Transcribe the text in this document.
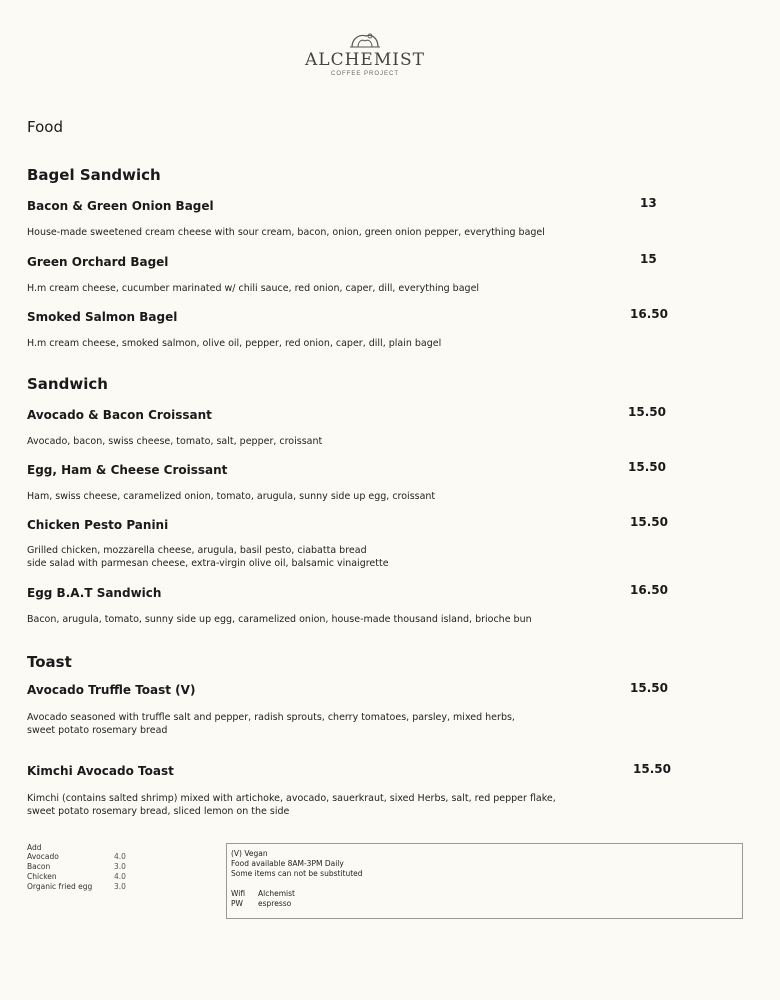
ALCHEMIST
COFFEE PROJECT
Food
Bagel Sandwich
Bacon & Green Onion Bagel	13
House-made sweetened cream cheese with sour cream, bacon, onion, green onion pepper, everything bagel
Green Orchard Bagel	15
H.m cream cheese, cucumber marinated w/ chili sauce, red onion, caper, dill, everything bagel
Smoked Salmon Bagel	16.50
H.m cream cheese, smoked salmon, olive oil, pepper, red onion, caper, dill, plain bagel
Sandwich
Avocado & Bacon Croissant	15.50
Avocado, bacon, swiss cheese, tomato, salt, pepper, croissant
Egg, Ham & Cheese Croissant	15.50
Ham, swiss cheese, caramelized onion, tomato, arugula, sunny side up egg, croissant
Chicken Pesto Panini	15.50
Grilled chicken, mozzarella cheese, arugula, basil pesto, ciabatta bread
side salad with parmesan cheese, extra-virgin olive oil, balsamic vinaigrette
Egg B.A.T Sandwich	16.50
Bacon, arugula, tomato, sunny side up egg, caramelized onion, house-made thousand island, brioche bun
Toast
Avocado Truffle Toast (V)	15.50
Avocado seasoned with truffle salt and pepper, radish sprouts, cherry tomatoes, parsley, mixed herbs,
sweet potato rosemary bread
Kimchi Avocado Toast	15.50
Kimchi (contains salted shrimp) mixed with artichoke, avocado, sauerkraut, sixed Herbs, salt, red pepper flake,
sweet potato rosemary bread, sliced lemon on the side
Add
Avocado	4.0
Bacon	3.0
Chicken	4.0
Organic fried egg	3.0
(V) Vegan
Food available 8AM-3PM Daily
Some items can not be substituted
Wifi Alchemist
PW espresso
